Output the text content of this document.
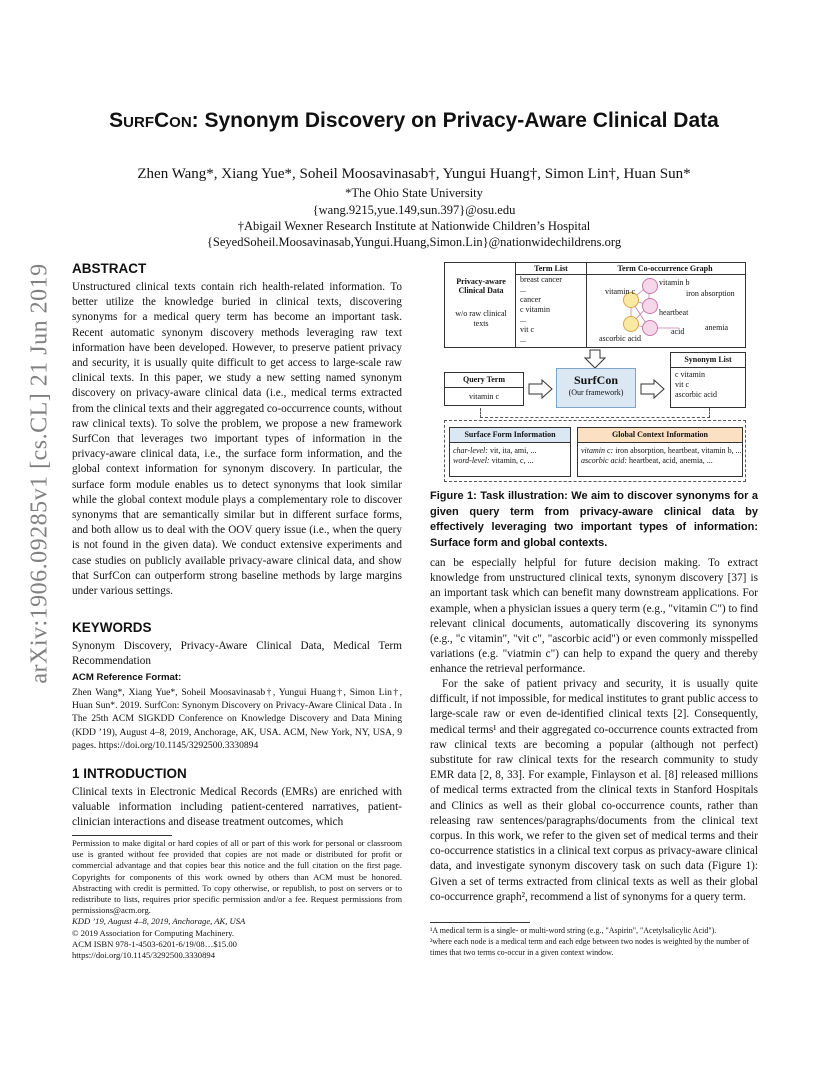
arXiv:1906.09285v1 [cs.CL] 21 Jun 2019
SurfCon: Synonym Discovery on Privacy-Aware Clinical Data
Zhen Wang*, Xiang Yue*, Soheil Moosavinasab†, Yungui Huang†, Simon Lin†, Huan Sun*
*The Ohio State University
{wang.9215,yue.149,sun.397}@osu.edu
†Abigail Wexner Research Institute at Nationwide Children’s Hospital
{SeyedSoheil.Moosavinasab,Yungui.Huang,Simon.Lin}@nationwidechildrens.org
ABSTRACT
Unstructured clinical texts contain rich health-related information. To better utilize the knowledge buried in clinical texts, discovering synonyms for a medical query term has become an important task. Recent automatic synonym discovery methods leveraging raw text information have been developed. However, to preserve patient privacy and security, it is usually quite difficult to get access to large-scale raw clinical texts. In this paper, we study a new setting named synonym discovery on privacy-aware clinical data (i.e., medical terms extracted from the clinical texts and their aggregated co-occurrence counts, without raw clinical texts). To solve the problem, we propose a new framework SurfCon that leverages two important types of information in the privacy-aware clinical data, i.e., the surface form information, and the global context information for synonym discovery. In particular, the surface form module enables us to detect synonyms that look similar while the global context module plays a complementary role to discover synonyms that are semantically similar but in different surface forms, and both allow us to deal with the OOV query issue (i.e., when the query is not found in the given data). We conduct extensive experiments and case studies on publicly available privacy-aware clinical data, and show that SurfCon can outperform strong baseline methods by large margins under various settings.
KEYWORDS
Synonym Discovery, Privacy-Aware Clinical Data, Medical Term Recommendation
ACM Reference Format:
Zhen Wang*, Xiang Yue*, Soheil Moosavinasab†, Yungui Huang†, Simon Lin†, Huan Sun*. 2019. SurfCon: Synonym Discovery on Privacy-Aware Clinical Data . In The 25th ACM SIGKDD Conference on Knowledge Discovery and Data Mining (KDD ’19), August 4–8, 2019, Anchorage, AK, USA. ACM, New York, NY, USA, 9 pages. https://doi.org/10.1145/3292500.3330894
1 INTRODUCTION
Clinical texts in Electronic Medical Records (EMRs) are enriched with valuable information including patient-centered narratives, patient-clinician interactions and disease treatment outcomes, which
Permission to make digital or hard copies of all or part of this work for personal or classroom use is granted without fee provided that copies are not made or distributed for profit or commercial advantage and that copies bear this notice and the full citation on the first page. Copyrights for components of this work owned by others than ACM must be honored. Abstracting with credit is permitted. To copy otherwise, or republish, to post on servers or to redistribute to lists, requires prior specific permission and/or a fee. Request permissions from permissions@acm.org.
KDD ’19, August 4–8, 2019, Anchorage, AK, USA
© 2019 Association for Computing Machinery.
ACM ISBN 978-1-4503-6201-6/19/08…$15.00
https://doi.org/10.1145/3292500.3330894
Privacy-aware Clinical Data
w/o raw clinical texts
Term List
breast cancer
...
cancer
c vitamin
...
vit c
...
Term Co-occurrence Graph
vitamin c
vitamin b
iron absorption
heartbeat
acid	anemia
ascorbic acid
Query Term
vitamin c
SurfCon
(Our framework)
Synonym List
c vitamin
vit c
ascorbic acid
Surface Form Information
char-level: vit, ita, ami, ...
word-level: vitamin, c, ...
Global Context Information
vitamin c: iron absorption, heartbeat, vitamin b, ...
ascorbic acid: heartbeat, acid, anemia, ...
Figure 1: Task illustration: We aim to discover synonyms for a given query term from privacy-aware clinical data by effectively leveraging two important types of information: Surface form and global contexts.
can be especially helpful for future decision making. To extract knowledge from unstructured clinical texts, synonym discovery [37] is an important task which can benefit many downstream applications. For example, when a physician issues a query term (e.g., "vitamin C") to find relevant clinical documents, automatically discovering its synonyms (e.g., "c vitamin", "vit c", "ascorbic acid") or even commonly misspelled variations (e.g. "viatmin c") can help to expand the query and thereby enhance the retrieval performance.
For the sake of patient privacy and security, it is usually quite difficult, if not impossible, for medical institutes to grant public access to large-scale raw or even de-identified clinical texts [2]. Consequently, medical terms¹ and their aggregated co-occurrence counts extracted from raw clinical texts are becoming a popular (although not perfect) substitute for raw clinical texts for the research community to study EMR data [2, 8, 33]. For example, Finlayson et al. [8] released millions of medical terms extracted from the clinical texts in Stanford Hospitals and Clinics as well as their global co-occurrence counts, rather than releasing raw sentences/paragraphs/documents from the clinical text corpus. In this work, we refer to the given set of medical terms and their co-occurrence statistics in a clinical text corpus as privacy-aware clinical data, and investigate synonym discovery task on such data (Figure 1): Given a set of terms extracted from clinical texts as well as their global co-occurrence graph², recommend a list of synonyms for a query term.
¹A medical term is a single- or multi-word string (e.g., "Aspirin", "Acetylsalicylic Acid").
²where each node is a medical term and each edge between two nodes is weighted by the number of times that two terms co-occur in a given context window.
